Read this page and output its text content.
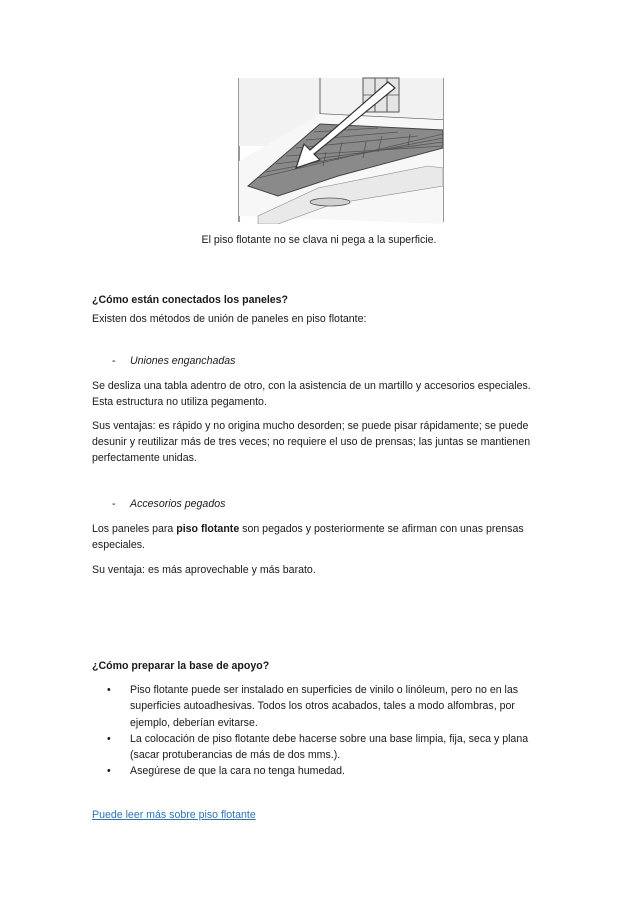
El piso flotante no se clava ni pega a la superficie.
¿Cómo están conectados los paneles?
Existen dos métodos de unión de paneles en piso flotante:
- Uniones enganchadas
Se desliza una tabla adentro de otro, con la asistencia de un martillo y accesorios especiales.
Esta estructura no utiliza pegamento.
Sus ventajas: es rápido y no origina mucho desorden; se puede pisar rápidamente; se puede
desunir y reutilizar más de tres veces; no requiere el uso de prensas; las juntas se mantienen
perfectamente unidas.
- Accesorios pegados
Los paneles para piso flotante son pegados y posteriormente se afirman con unas prensas
especiales.
Su ventaja: es más aprovechable y más barato.
¿Cómo preparar la base de apoyo?
• Piso flotante puede ser instalado en superficies de vinilo o linóleum, pero no en las
superficies autoadhesivas. Todos los otros acabados, tales a modo alfombras, por
ejemplo, deberían evitarse.
• La colocación de piso flotante debe hacerse sobre una base limpia, fija, seca y plana
(sacar protuberancias de más de dos mms.).
• Asegúrese de que la cara no tenga humedad.
Puede leer más sobre piso flotante
